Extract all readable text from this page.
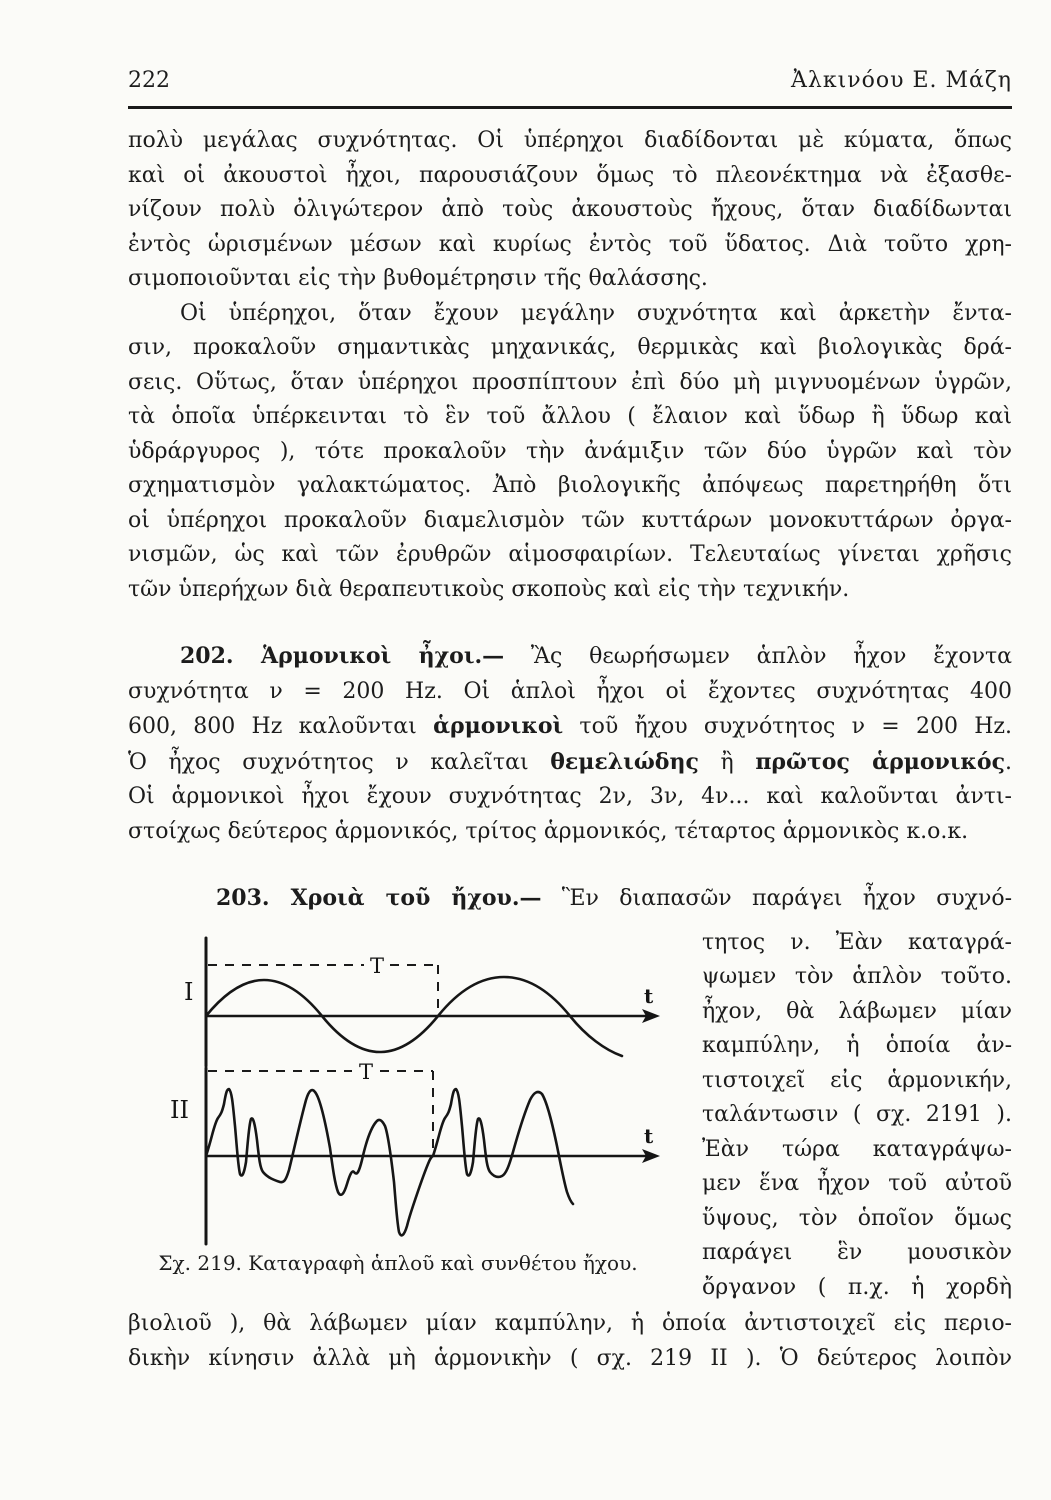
222	Ἀλκινόου Ε. Μάζη
πολὺ μεγάλας συχνότητας. Οἱ ὑπέρηχοι διαδίδονται μὲ κύματα, ὅπως
καὶ οἱ ἀκουστοὶ ἦχοι, παρουσιάζουν ὅμως τὸ πλεονέκτημα νὰ ἐξασθε-
νίζουν πολὺ ὀλιγώτερον ἀπὸ τοὺς ἀκουστοὺς ἤχους, ὅταν διαδίδωνται
ἐντὸς ὡρισμένων μέσων καὶ κυρίως ἐντὸς τοῦ ὕδατος. Διὰ τοῦτο χρη-
σιμοποιοῦνται εἰς τὴν βυθομέτρησιν τῆς θαλάσσης.
Οἱ ὑπέρηχοι, ὅταν ἔχουν μεγάλην συχνότητα καὶ ἀρκετὴν ἔντα-
σιν, προκαλοῦν σημαντικὰς μηχανικάς, θερμικὰς καὶ βιολογικὰς δρά-
σεις. Οὕτως, ὅταν ὑπέρηχοι προσπίπτουν ἐπὶ δύο μὴ μιγνυομένων ὑγρῶν,
τὰ ὁποῖα ὑπέρκεινται τὸ ἓν τοῦ ἄλλου ( ἔλαιον καὶ ὕδωρ ἢ ὕδωρ καὶ
ὑδράργυρος ), τότε προκαλοῦν τὴν ἀνάμιξιν τῶν δύο ὑγρῶν καὶ τὸν
σχηματισμὸν γαλακτώματος. Ἀπὸ βιολογικῆς ἀπόψεως παρετηρήθη ὅτι
οἱ ὑπέρηχοι προκαλοῦν διαμελισμὸν τῶν κυττάρων μονοκυττάρων ὀργα-
νισμῶν, ὡς καὶ τῶν ἐρυθρῶν αἱμοσφαιρίων. Τελευταίως γίνεται χρῆσις
τῶν ὑπερήχων διὰ θεραπευτικοὺς σκοποὺς καὶ εἰς τὴν τεχνικήν.
202. Ἁρμονικοὶ ἦχοι.— Ἂς θεωρήσωμεν ἁπλὸν ἦχον ἔχοντα
συχνότητα ν = 200 Hz. Οἱ ἁπλοὶ ἦχοι οἱ ἔχοντες συχνότητας 400
600, 800 Hz καλοῦνται ἁρμονικοὶ τοῦ ἤχου συχνότητος ν = 200 Hz.
Ὁ ἦχος συχνότητος ν καλεῖται θεμελιώδης ἢ πρῶτος ἁρμονικός.
Οἱ ἁρμονικοὶ ἦχοι ἔχουν συχνότητας 2ν, 3ν, 4ν... καὶ καλοῦνται ἀντι-
στοίχως δεύτερος ἁρμονικός, τρίτος ἁρμονικός, τέταρτος ἁρμονικὸς κ.ο.κ.
203. Χροιὰ τοῦ ἤχου.— Ἓν διαπασῶν παράγει ἦχον συχνό-
I
T
t
II
T
t
Σχ. 219. Καταγραφὴ ἁπλοῦ καὶ συνθέτου ἤχου.
τητος ν. Ἐὰν καταγρά-
ψωμεν τὸν ἁπλὸν τοῦτο.
ἦχον, θὰ λάβωμεν μίαν
καμπύλην, ἡ ὁποία ἀν-
τιστοιχεῖ εἰς ἁρμονικήν,
ταλάντωσιν ( σχ. 2191 ).
Ἐὰν τώρα καταγράψω-
μεν ἕνα ἦχον τοῦ αὐτοῦ
ὕψους, τὸν ὁποῖον ὅμως
παράγει ἓν μουσικὸν
ὄργανον ( π.χ. ἡ χορδὴ
βιολιοῦ ), θὰ λάβωμεν μίαν καμπύλην, ἡ ὁποία ἀντιστοιχεῖ εἰς περιο-
δικὴν κίνησιν ἀλλὰ μὴ ἁρμονικὴν ( σχ. 219 II ). Ὁ δεύτερος λοιπὸν
